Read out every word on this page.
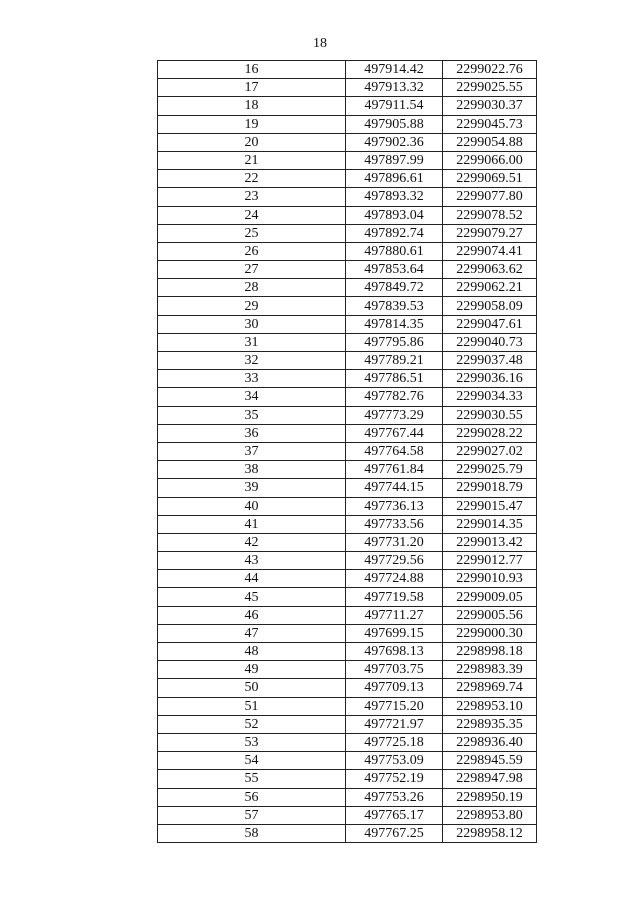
18
16	497914.42	2299022.76
17	497913.32	2299025.55
18	497911.54	2299030.37
19	497905.88	2299045.73
20	497902.36	2299054.88
21	497897.99	2299066.00
22	497896.61	2299069.51
23	497893.32	2299077.80
24	497893.04	2299078.52
25	497892.74	2299079.27
26	497880.61	2299074.41
27	497853.64	2299063.62
28	497849.72	2299062.21
29	497839.53	2299058.09
30	497814.35	2299047.61
31	497795.86	2299040.73
32	497789.21	2299037.48
33	497786.51	2299036.16
34	497782.76	2299034.33
35	497773.29	2299030.55
36	497767.44	2299028.22
37	497764.58	2299027.02
38	497761.84	2299025.79
39	497744.15	2299018.79
40	497736.13	2299015.47
41	497733.56	2299014.35
42	497731.20	2299013.42
43	497729.56	2299012.77
44	497724.88	2299010.93
45	497719.58	2299009.05
46	497711.27	2299005.56
47	497699.15	2299000.30
48	497698.13	2298998.18
49	497703.75	2298983.39
50	497709.13	2298969.74
51	497715.20	2298953.10
52	497721.97	2298935.35
53	497725.18	2298936.40
54	497753.09	2298945.59
55	497752.19	2298947.98
56	497753.26	2298950.19
57	497765.17	2298953.80
58	497767.25	2298958.12
